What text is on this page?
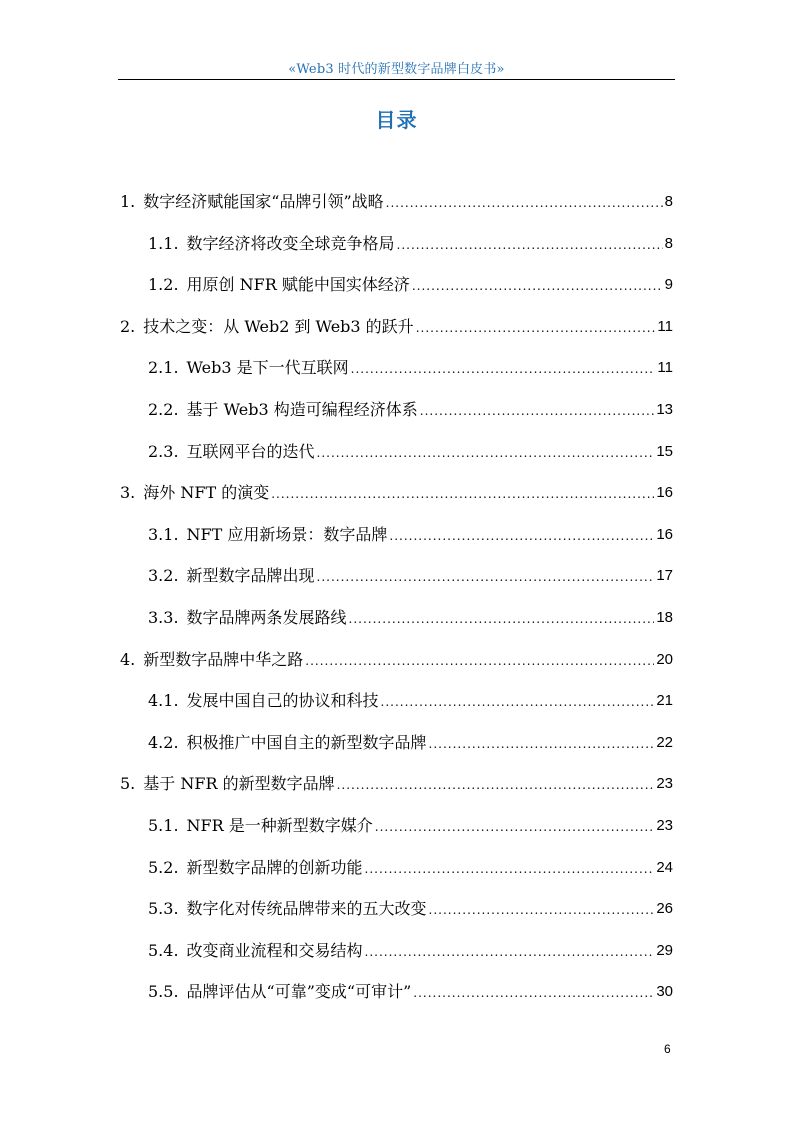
«Web3 时代的新型数字品牌白皮书»
目录
1. 数字经济赋能国家“品牌引领”战略 .....	8
1.1. 数字经济将改变全球竞争格局 .....	8
1.2. 用原创 NFR 赋能中国实体经济 .....	9
2. 技术之变：从 Web2 到 Web3 的跃升 .....	11
2.1. Web3 是下一代互联网 .....	11
2.2. 基于 Web3 构造可编程经济体系 .....	13
2.3. 互联网平台的迭代 .....	15
3. 海外 NFT 的演变 .....	16
3.1. NFT 应用新场景：数字品牌 .....	16
3.2. 新型数字品牌出现 .....	17
3.3. 数字品牌两条发展路线 .....	18
4. 新型数字品牌中华之路 .....	20
4.1. 发展中国自己的协议和科技 .....	21
4.2. 积极推广中国自主的新型数字品牌 .....	22
5. 基于 NFR 的新型数字品牌 .....	23
5.1. NFR 是一种新型数字媒介 .....	23
5.2. 新型数字品牌的创新功能 .....	24
5.3. 数字化对传统品牌带来的五大改变 .....	26
5.4. 改变商业流程和交易结构 .....	29
5.5. 品牌评估从“可靠”变成“可审计” .....	30
6
